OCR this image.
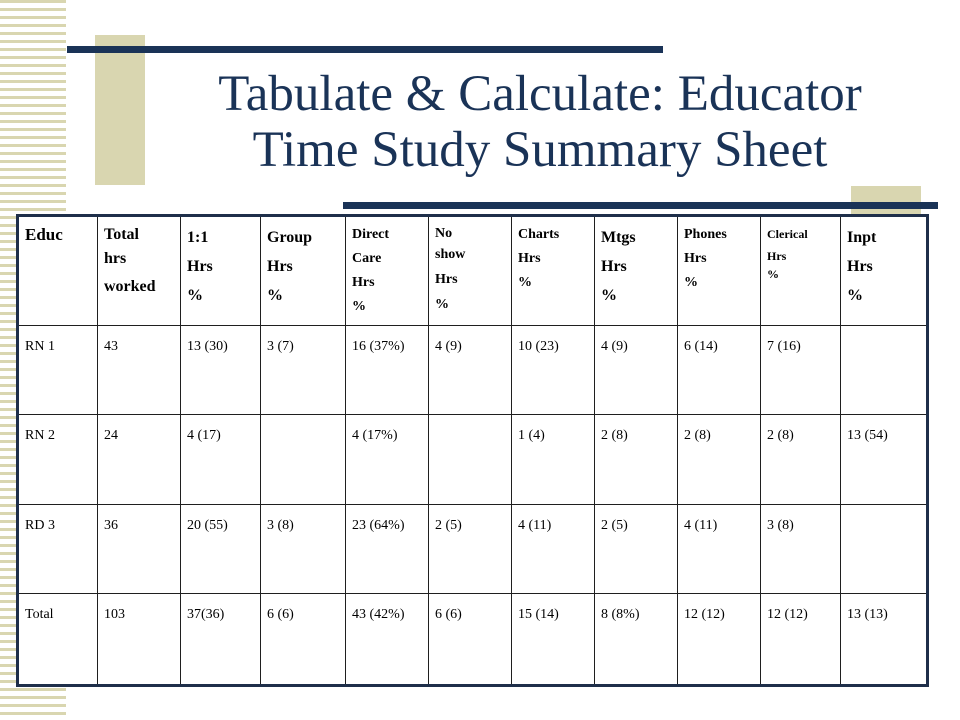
Tabulate & Calculate: Educator
Time Study Summary Sheet
Educ	Total
hrs
worked	1:1
Hrs
%	Group
Hrs
%	Direct
Care
Hrs
%	No
show
Hrs
%	Charts
Hrs
%	Mtgs
Hrs
%	Phones
Hrs
%	Clerical
Hrs
%	Inpt
Hrs
%

RN 1	43	13 (30)	3 (7)	16 (37%)	4 (9)	10 (23)	4 (9)	6 (14)	7 (16)	
RN 2	24	4 (17)		4 (17%)		1 (4)	2 (8)	2 (8)	2 (8)	13 (54)
RD 3	36	20 (55)	3 (8)	23 (64%)	2 (5)	4 (11)	2 (5)	4 (11)	3 (8)	
Total	103	37(36)	6 (6)	43 (42%)	6 (6)	15 (14)	8 (8%)	12 (12)	12 (12)	13 (13)
